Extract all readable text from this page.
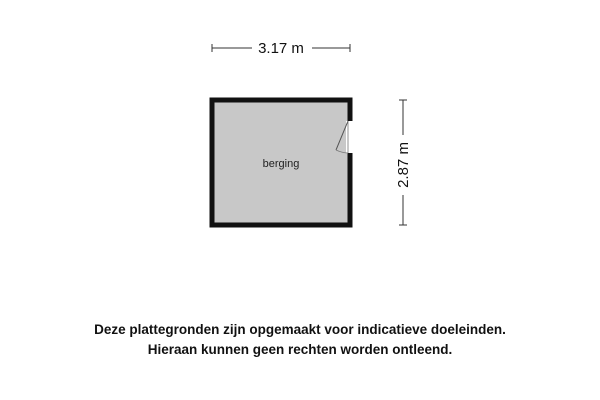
3.17 m
2.87 m
berging
Deze plattegronden zijn opgemaakt voor indicatieve doeleinden.
Hieraan kunnen geen rechten worden ontleend.
